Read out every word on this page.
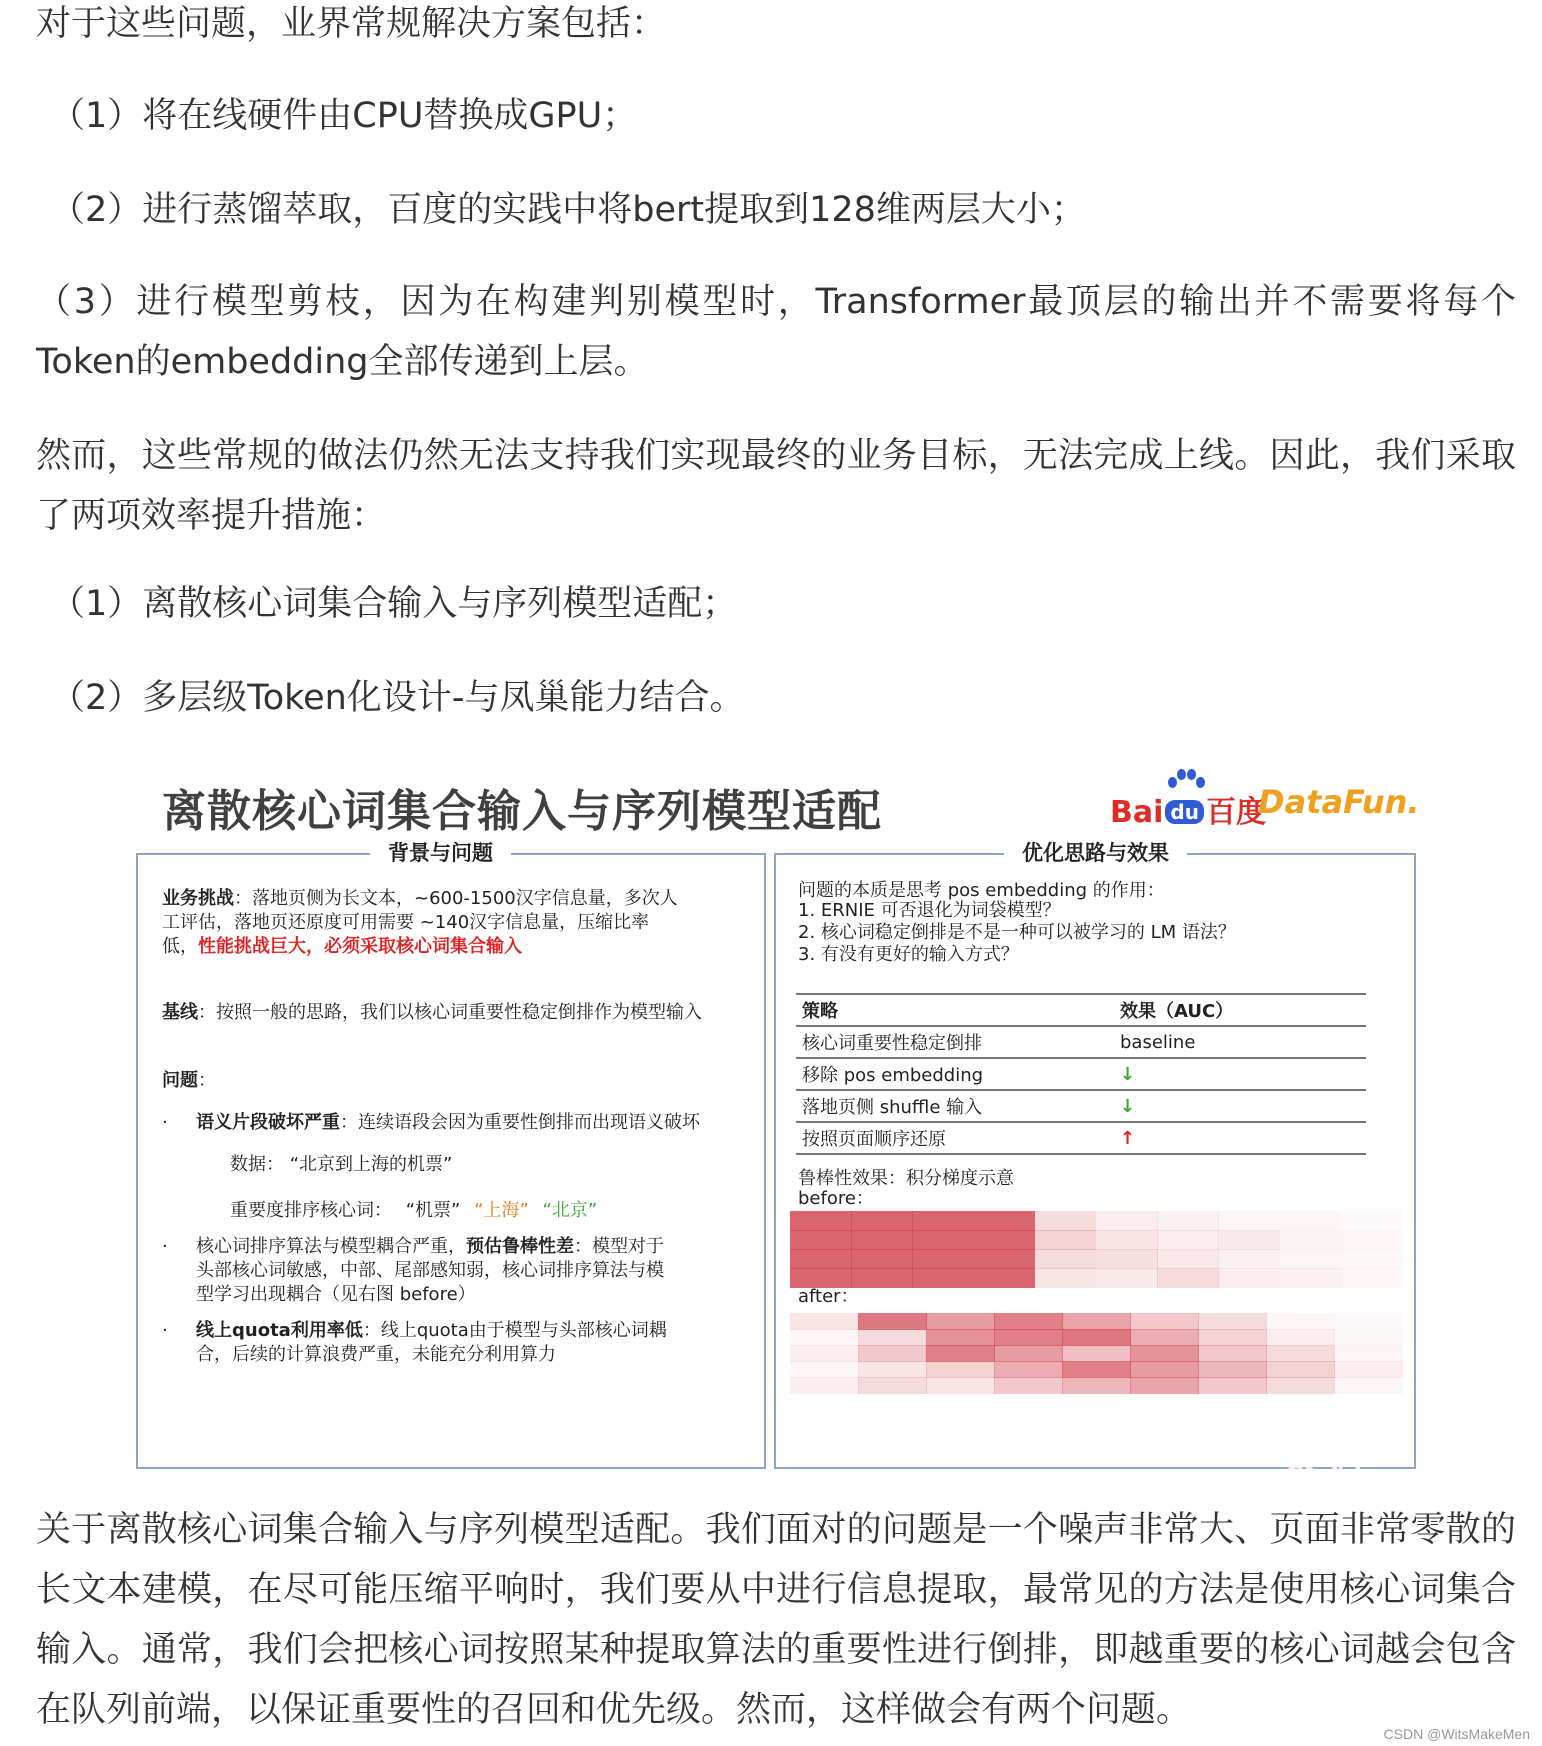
对于这些问题，业界常规解决方案包括：
（1）将在线硬件由CPU替换成GPU；
（2）进行蒸馏萃取，百度的实践中将bert提取到128维两层大小；
（3）进行模型剪枝，因为在构建判别模型时，Transformer最顶层的输出并不需要将每个Token的embedding全部传递到上层。
然而，这些常规的做法仍然无法支持我们实现最终的业务目标，无法完成上线。因此，我们采取了两项效率提升措施：
（1）离散核心词集合输入与序列模型适配；
（2）多层级Token化设计-与凤巢能力结合。
离散核心词集合输入与序列模型适配	Bai du 百度
DataFun.
背景与问题
业务挑战：落地页侧为长文本，~600-1500汉字信息量，多次人工评估，落地页还原度可用需要 ~140汉字信息量，压缩比率低，性能挑战巨大，必须采取核心词集合输入
基线：按照一般的思路，我们以核心词重要性稳定倒排作为模型输入
问题：
· 语义片段破坏严重：连续语段会因为重要性倒排而出现语义破坏
数据： “北京到上海的机票”
重要度排序核心词： “机票” “上海” “北京”
· 核心词排序算法与模型耦合严重，预估鲁棒性差：模型对于头部核心词敏感，中部、尾部感知弱，核心词排序算法与模型学习出现耦合（见右图 before）
· 线上quota利用率低：线上quota由于模型与头部核心词耦合，后续的计算浪费严重，未能充分利用算力
优化思路与效果
问题的本质是思考 pos embedding 的作用：
1. ERNIE 可否退化为词袋模型？
2. 核心词稳定倒排是不是一种可以被学习的 LM 语法？
3. 有没有更好的输入方式？
策略	效果（AUC）
核心词重要性稳定倒排	baseline
移除 pos embedding	↓
落地页侧 shuffle 输入	↓
按照页面顺序还原	↑
鲁棒性效果：积分梯度示意
before：
after：
聚匠
关于离散核心词集合输入与序列模型适配。我们面对的问题是一个噪声非常大、页面非常零散的长文本建模，在尽可能压缩平响时，我们要从中进行信息提取，最常见的方法是使用核心词集合输入。通常，我们会把核心词按照某种提取算法的重要性进行倒排，即越重要的核心词越会包含在队列前端，以保证重要性的召回和优先级。然而，这样做会有两个问题。
CSDN @WitsMakeMen
